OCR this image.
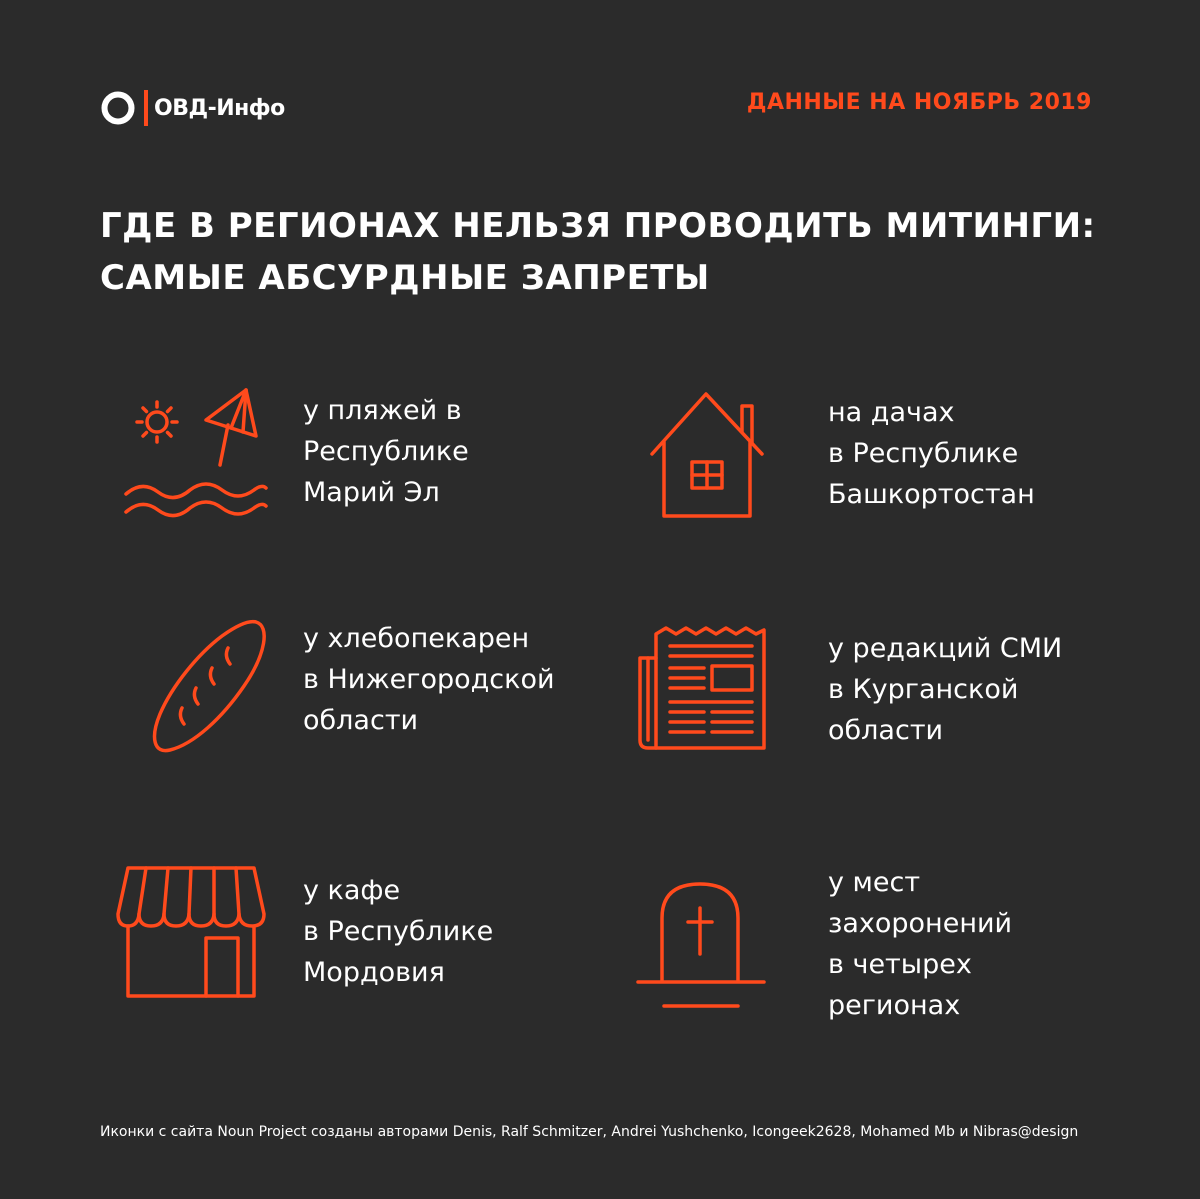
ОВД-Инфо	ДАННЫЕ НА НОЯБРЬ 2019
ГДЕ В РЕГИОНАХ НЕЛЬЗЯ ПРОВОДИТЬ МИТИНГИ:
САМЫЕ АБСУРДНЫЕ ЗАПРЕТЫ
у пляжей в
Республике
Марий Эл
на дачах
в Республике
Башкортостан
у хлебопекарен
в Нижегородской
области
у редакций СМИ
в Курганской
области
у кафе
в Республике
Мордовия
у мест
захоронений
в четырех
регионах
Иконки с сайта Noun Project созданы авторами Denis, Ralf Schmitzer, Andrei Yushchenko, Icongeek2628, Mohamed Mb и Nibras@design
